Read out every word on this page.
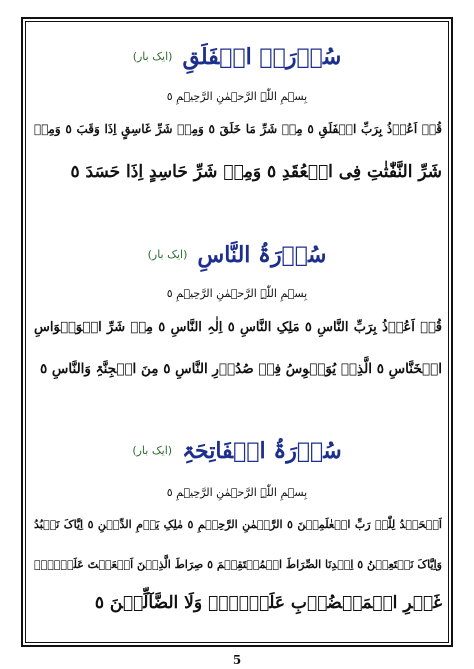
سُوۡرَۃُ الۡفَلَقِ
(ایک بار)
بِسۡمِ اللّٰہِ الرَّحۡمٰنِ الرَّحِیۡمِ ٥
قُلۡ اَعُوۡذُ بِرَبِّ الۡفَلَقِ ٥ مِنۡ شَرِّ مَا خَلَقَ ٥ وَمِنۡ شَرِّ غَاسِقٍ اِذَا وَقَبَ ٥ وَمِنۡ
شَرِّ النَّفّٰثٰتِ فِی الۡعُقَدِ ٥ وَمِنۡ شَرِّ حَاسِدٍ اِذَا حَسَدَ ٥
سُوۡرَۃُ النَّاسِ
(ایک بار)
بِسۡمِ اللّٰہِ الرَّحۡمٰنِ الرَّحِیۡمِ ٥
قُلۡ اَعُوۡذُ بِرَبِّ النَّاسِ ٥ مَلِکِ النَّاسِ ٥ اِلٰہِ النَّاسِ ٥ مِنۡ شَرِّ الۡوَسۡوَاسِ
الۡخَنَّاسِ ٥ الَّذِیۡ یُوَسۡوِسُ فِیۡ صُدُوۡرِ النَّاسِ ٥ مِنَ الۡجِنَّۃِ وَالنَّاسِ ٥
سُوۡرَۃُ الۡفَاتِحَۃِ
(ایک بار)
بِسۡمِ اللّٰہِ الرَّحۡمٰنِ الرَّحِیۡمِ ٥
اَلۡحَمۡدُ لِلّٰہِ رَبِّ الۡعٰلَمِیۡنَ ٥ الرَّحۡمٰنِ الرَّحِیۡمِ ٥ مٰلِکِ یَوۡمِ الدِّیۡنِ ٥ اِیَّاکَ نَعۡبُدُ
وَاِیَّاکَ نَسۡتَعِیۡنُ ٥ اِہۡدِنَا الصِّرَاطَ الۡمُسۡتَقِیۡمَ ٥ صِرَاطَ الَّذِیۡنَ اَنۡعَمۡتَ عَلَیۡہِمۡ
غَیۡرِ الۡمَغۡضُوۡبِ عَلَیۡہِمۡ وَلَا الضَّآلِّیۡنَ ٥
5
